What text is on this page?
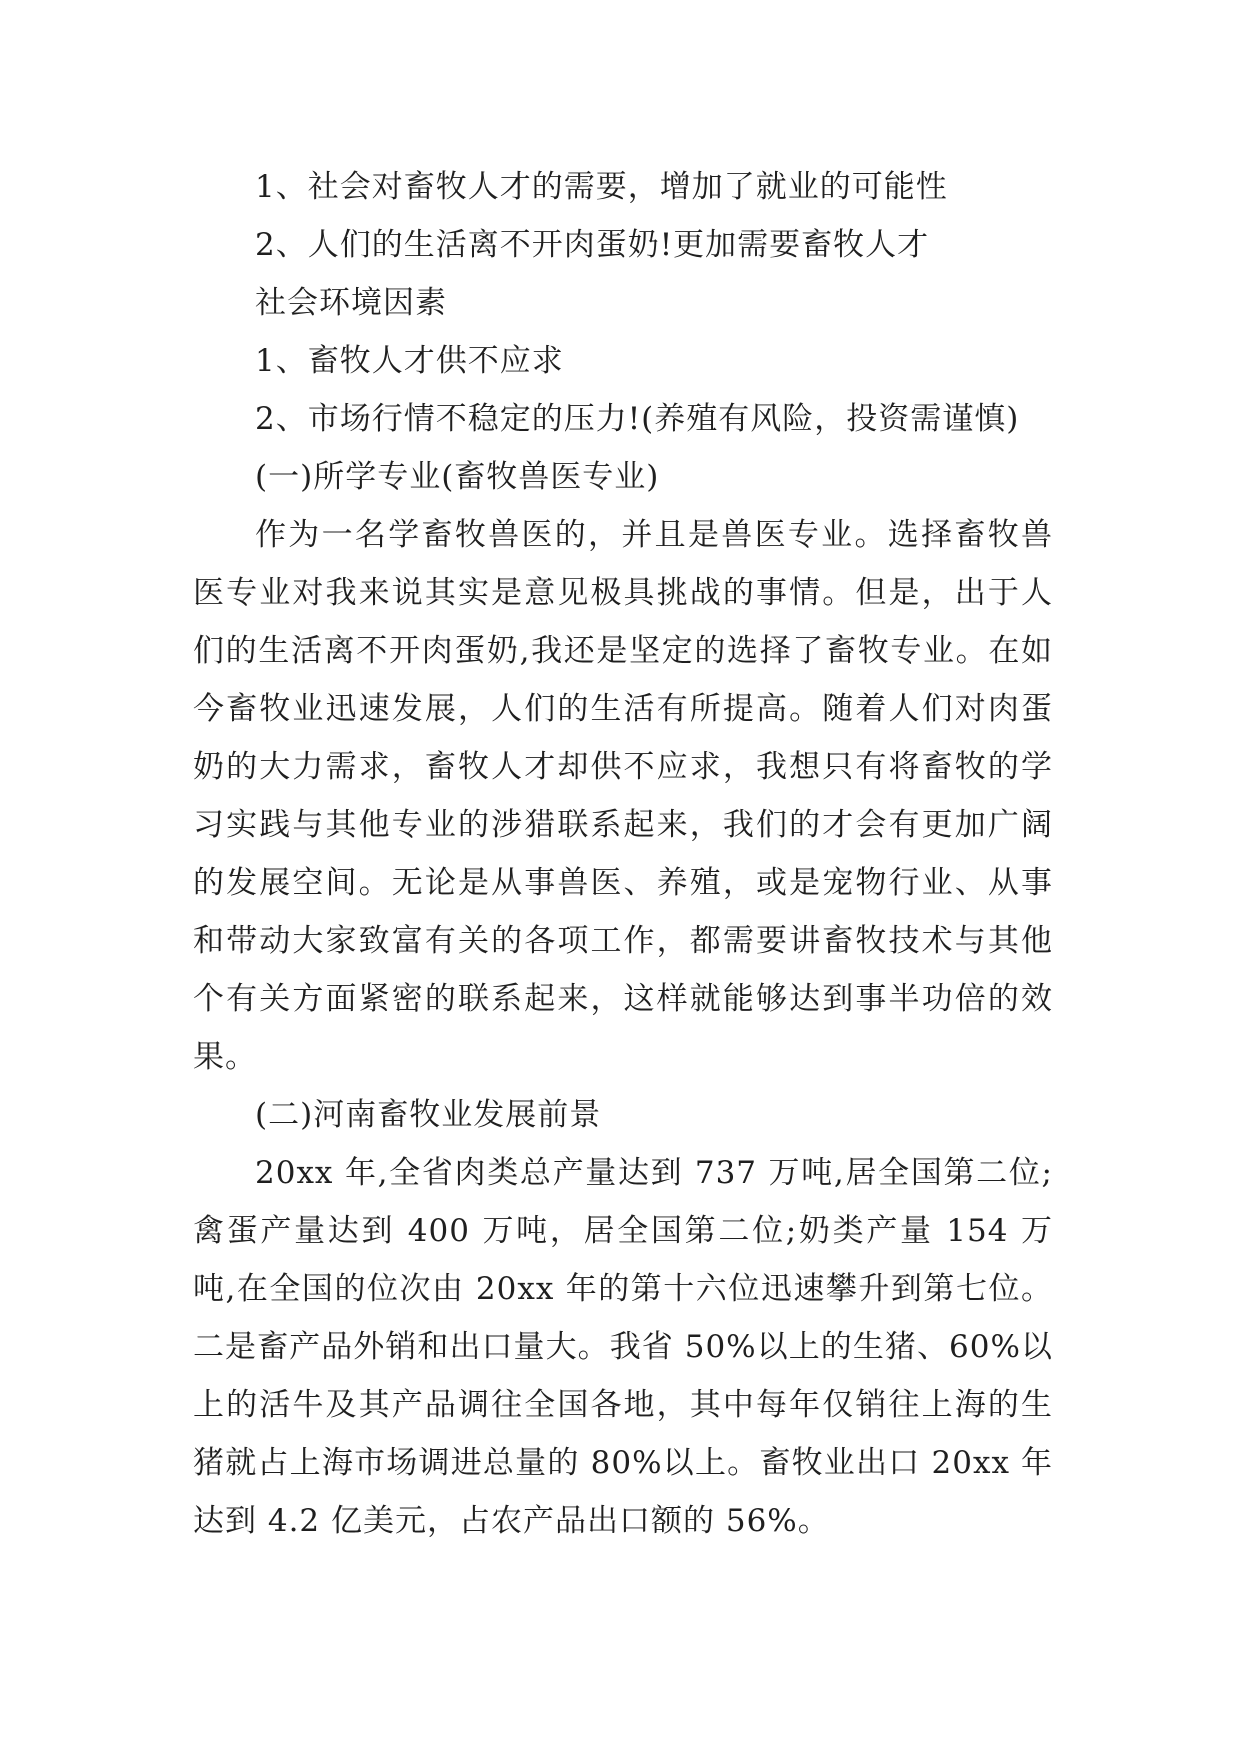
1、社会对畜牧人才的需要，增加了就业的可能性
2、人们的生活离不开肉蛋奶!更加需要畜牧人才
社会环境因素
1、畜牧人才供不应求
2、市场行情不稳定的压力!(养殖有风险，投资需谨慎)
(一)所学专业(畜牧兽医专业)
作为一名学畜牧兽医的，并且是兽医专业。选择畜牧兽医专业对我来说其实是意见极具挑战的事情。但是，出于人们的生活离不开肉蛋奶,我还是坚定的选择了畜牧专业。在如今畜牧业迅速发展，人们的生活有所提高。随着人们对肉蛋奶的大力需求，畜牧人才却供不应求，我想只有将畜牧的学习实践与其他专业的涉猎联系起来，我们的才会有更加广阔的发展空间。无论是从事兽医、养殖，或是宠物行业、从事和带动大家致富有关的各项工作，都需要讲畜牧技术与其他个有关方面紧密的联系起来，这样就能够达到事半功倍的效果。
(二)河南畜牧业发展前景
20xx 年,全省肉类总产量达到 737 万吨,居全国第二位;禽蛋产量达到 400 万吨，居全国第二位;奶类产量 154 万吨,在全国的位次由 20xx 年的第十六位迅速攀升到第七位。二是畜产品外销和出口量大。我省 50%以上的生猪、60%以上的活牛及其产品调往全国各地，其中每年仅销往上海的生猪就占上海市场调进总量的 80%以上。畜牧业出口 20xx 年达到 4.2 亿美元，占农产品出口额的 56%。
